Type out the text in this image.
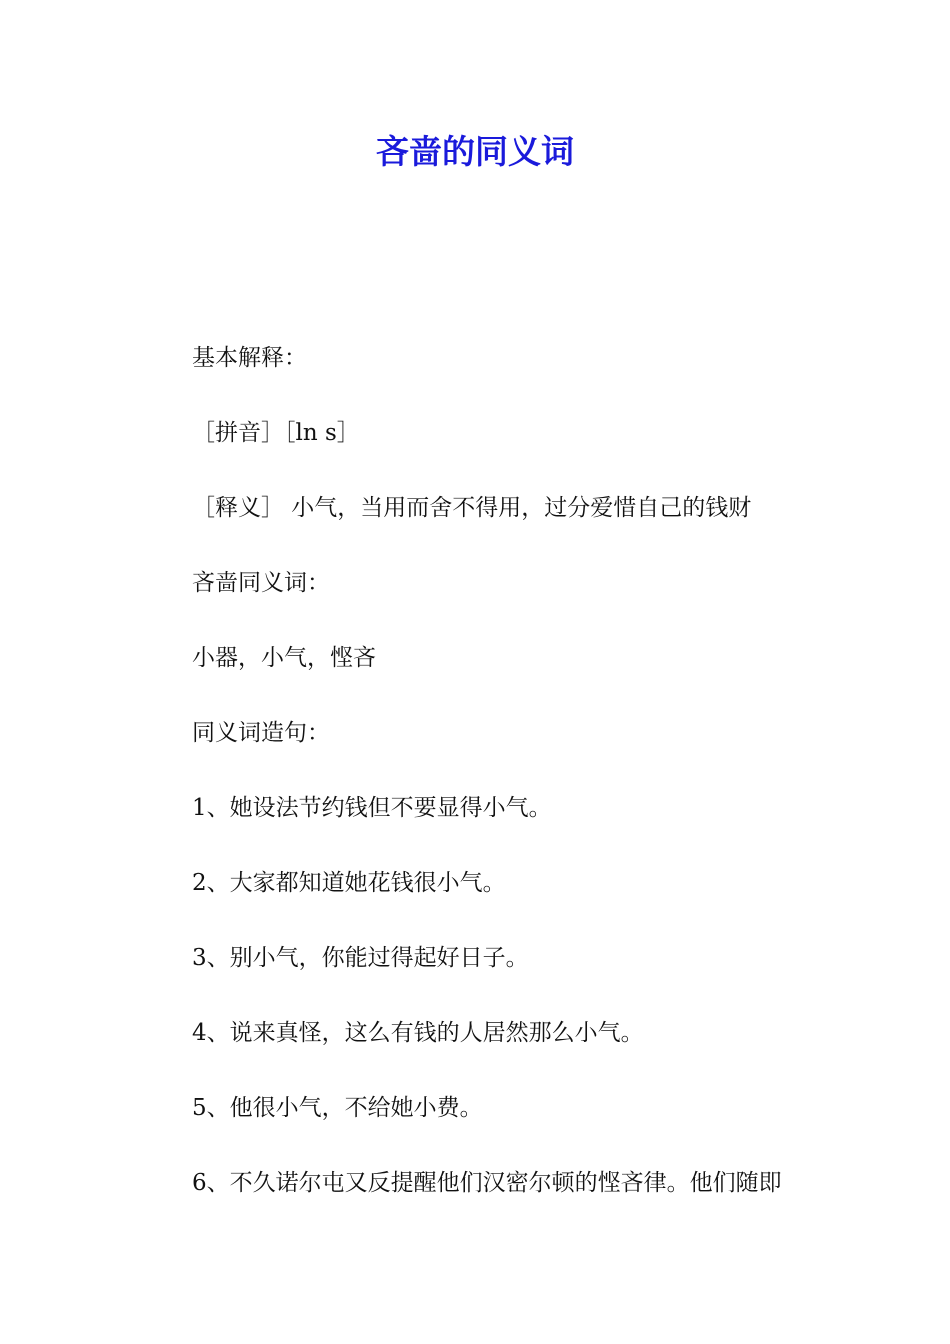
吝啬的同义词
基本解释：
［拼音］［ln s］
［释义］ 小气，当用而舍不得用，过分爱惜自己的钱财
吝啬同义词：
小器，小气，悭吝
同义词造句：
1、她设法节约钱但不要显得小气。
2、大家都知道她花钱很小气。
3、别小气，你能过得起好日子。
4、说来真怪，这么有钱的人居然那么小气。
5、他很小气，不给她小费。
6、不久诺尔屯又反提醒他们汉密尔顿的悭吝律。他们随即
